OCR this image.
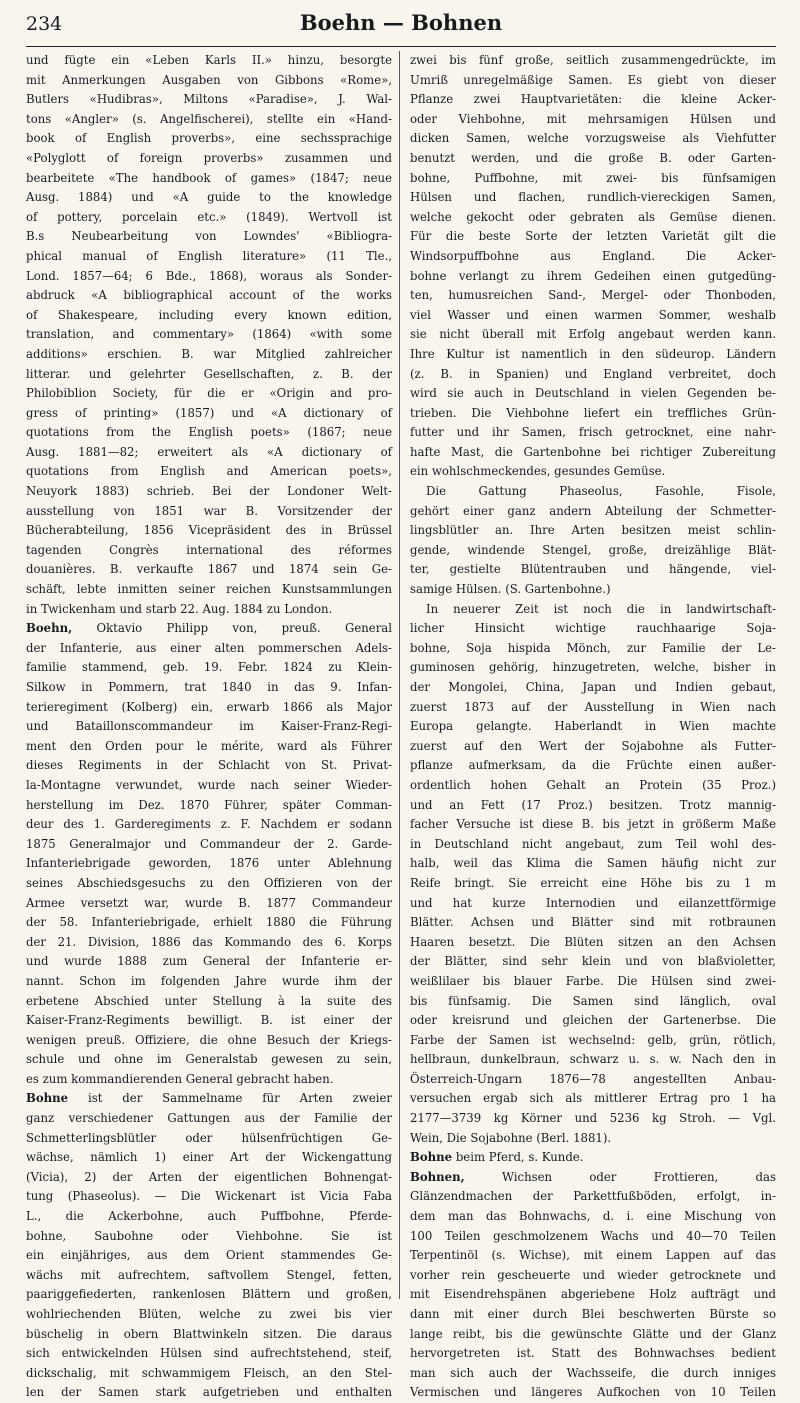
234	Boehn — Bohnen
und fügte ein «Leben Karls II.» hinzu, besorgte
mit Anmerkungen Ausgaben von Gibbons «Rome»,
Butlers «Hudibras», Miltons «Paradise», J. Wal-
tons «Angler» (s. Angelfischerei), stellte ein «Hand-
book of English proverbs», eine sechssprachige
«Polyglott of foreign proverbs» zusammen und
bearbeitete «The handbook of games» (1847; neue
Ausg. 1884) und «A guide to the knowledge
of pottery, porcelain etc.» (1849). Wertvoll ist
B.s Neubearbeitung von Lowndes' «Bibliogra-
phical manual of English literature» (11 Tle.,
Lond. 1857—64; 6 Bde., 1868), woraus als Sonder-
abdruck «A bibliographical account of the works
of Shakespeare, including every known edition,
translation, and commentary» (1864) «with some
additions» erschien. B. war Mitglied zahlreicher
litterar. und gelehrter Gesellschaften, z. B. der
Philobiblion Society, für die er «Origin and pro-
gress of printing» (1857) und «A dictionary of
quotations from the English poets» (1867; neue
Ausg. 1881—82; erweitert als «A dictionary of
quotations from English and American poets»,
Neuyork 1883) schrieb. Bei der Londoner Welt-
ausstellung von 1851 war B. Vorsitzender der
Bücherabteilung, 1856 Vicepräsident des in Brüssel
tagenden Congrès international des réformes
douanières. B. verkaufte 1867 und 1874 sein Ge-
schäft, lebte inmitten seiner reichen Kunstsammlungen
in Twickenham und starb 22. Aug. 1884 zu London.
Boehn, Oktavio Philipp von, preuß. General
der Infanterie, aus einer alten pommerschen Adels-
familie stammend, geb. 19. Febr. 1824 zu Klein-
Silkow in Pommern, trat 1840 in das 9. Infan-
terieregiment (Kolberg) ein, erwarb 1866 als Major
und Bataillonscommandeur im Kaiser-Franz-Regi-
ment den Orden pour le mérite, ward als Führer
dieses Regiments in der Schlacht von St. Privat-
la-Montagne verwundet, wurde nach seiner Wieder-
herstellung im Dez. 1870 Führer, später Comman-
deur des 1. Garderegiments z. F. Nachdem er sodann
1875 Generalmajor und Commandeur der 2. Garde-
Infanteriebrigade geworden, 1876 unter Ablehnung
seines Abschiedsgesuchs zu den Offizieren von der
Armee versetzt war, wurde B. 1877 Commandeur
der 58. Infanteriebrigade, erhielt 1880 die Führung
der 21. Division, 1886 das Kommando des 6. Korps
und wurde 1888 zum General der Infanterie er-
nannt. Schon im folgenden Jahre wurde ihm der
erbetene Abschied unter Stellung à la suite des
Kaiser-Franz-Regiments bewilligt. B. ist einer der
wenigen preuß. Offiziere, die ohne Besuch der Kriegs-
schule und ohne im Generalstab gewesen zu sein,
es zum kommandierenden General gebracht haben.
Bohne ist der Sammelname für Arten zweier
ganz verschiedener Gattungen aus der Familie der
Schmetterlingsblütler oder hülsenfrüchtigen Ge-
wächse, nämlich 1) einer Art der Wickengattung
(Vicia), 2) der Arten der eigentlichen Bohnengat-
tung (Phaseolus). — Die Wickenart ist Vicia Faba
L., die Ackerbohne, auch Puffbohne, Pferde-
bohne, Saubohne oder Viehbohne. Sie ist
ein einjähriges, aus dem Orient stammendes Ge-
wächs mit aufrechtem, saftvollem Stengel, fetten,
paariggefiederten, rankenlosen Blättern und großen,
wohlriechenden Blüten, welche zu zwei bis vier
büschelig in obern Blattwinkeln sitzen. Die daraus
sich entwickelnden Hülsen sind aufrechtstehend, steif,
dickschalig, mit schwammigem Fleisch, an den Stel-
len der Samen stark aufgetrieben und enthalten
zwei bis fünf große, seitlich zusammengedrückte, im
Umriß unregelmäßige Samen. Es giebt von dieser
Pflanze zwei Hauptvarietäten: die kleine Acker-
oder Viehbohne, mit mehrsamigen Hülsen und
dicken Samen, welche vorzugsweise als Viehfutter
benutzt werden, und die große B. oder Garten-
bohne, Puffbohne, mit zwei- bis fünfsamigen
Hülsen und flachen, rundlich-viereckigen Samen,
welche gekocht oder gebraten als Gemüse dienen.
Für die beste Sorte der letzten Varietät gilt die
Windsorpuffbohne aus England. Die Acker-
bohne verlangt zu ihrem Gedeihen einen gutgedüng-
ten, humusreichen Sand-, Mergel- oder Thonboden,
viel Wasser und einen warmen Sommer, weshalb
sie nicht überall mit Erfolg angebaut werden kann.
Ihre Kultur ist namentlich in den südeurop. Ländern
(z. B. in Spanien) und England verbreitet, doch
wird sie auch in Deutschland in vielen Gegenden be-
trieben. Die Viehbohne liefert ein treffliches Grün-
futter und ihr Samen, frisch getrocknet, eine nahr-
hafte Mast, die Gartenbohne bei richtiger Zubereitung
ein wohlschmeckendes, gesundes Gemüse.
Die Gattung Phaseolus, Fasohle, Fisole,
gehört einer ganz andern Abteilung der Schmetter-
lingsblütler an. Ihre Arten besitzen meist schlin-
gende, windende Stengel, große, dreizählige Blät-
ter, gestielte Blütentrauben und hängende, viel-
samige Hülsen. (S. Gartenbohne.)
In neuerer Zeit ist noch die in landwirtschaft-
licher Hinsicht wichtige rauchhaarige Soja-
bohne, Soja hispida Mönch, zur Familie der Le-
guminosen gehörig, hinzugetreten, welche, bisher in
der Mongolei, China, Japan und Indien gebaut,
zuerst 1873 auf der Ausstellung in Wien nach
Europa gelangte. Haberlandt in Wien machte
zuerst auf den Wert der Sojabohne als Futter-
pflanze aufmerksam, da die Früchte einen außer-
ordentlich hohen Gehalt an Protein (35 Proz.)
und an Fett (17 Proz.) besitzen. Trotz mannig-
facher Versuche ist diese B. bis jetzt in größerm Maße
in Deutschland nicht angebaut, zum Teil wohl des-
halb, weil das Klima die Samen häufig nicht zur
Reife bringt. Sie erreicht eine Höhe bis zu 1 m
und hat kurze Internodien und eilanzettförmige
Blätter. Achsen und Blätter sind mit rotbraunen
Haaren besetzt. Die Blüten sitzen an den Achsen
der Blätter, sind sehr klein und von blaßvioletter,
weißlilaer bis blauer Farbe. Die Hülsen sind zwei-
bis fünfsamig. Die Samen sind länglich, oval
oder kreisrund und gleichen der Gartenerbse. Die
Farbe der Samen ist wechselnd: gelb, grün, rötlich,
hellbraun, dunkelbraun, schwarz u. s. w. Nach den in
Österreich-Ungarn 1876—78 angestellten Anbau-
versuchen ergab sich als mittlerer Ertrag pro 1 ha
2177—3739 kg Körner und 5236 kg Stroh. — Vgl.
Wein, Die Sojabohne (Berl. 1881).
Bohne beim Pferd, s. Kunde.
Bohnen, Wichsen oder Frottieren, das
Glänzendmachen der Parkettfußböden, erfolgt, in-
dem man das Bohnwachs, d. i. eine Mischung von
100 Teilen geschmolzenem Wachs und 40—70 Teilen
Terpentinöl (s. Wichse), mit einem Lappen auf das
vorher rein gescheuerte und wieder getrocknete und
mit Eisendrehspänen abgeriebene Holz aufträgt und
dann mit einer durch Blei beschwerten Bürste so
lange reibt, bis die gewünschte Glätte und der Glanz
hervorgetreten ist. Statt des Bohnwachses bedient
man sich auch der Wachsseife, die durch inniges
Vermischen und längeres Aufkochen von 10 Teilen
